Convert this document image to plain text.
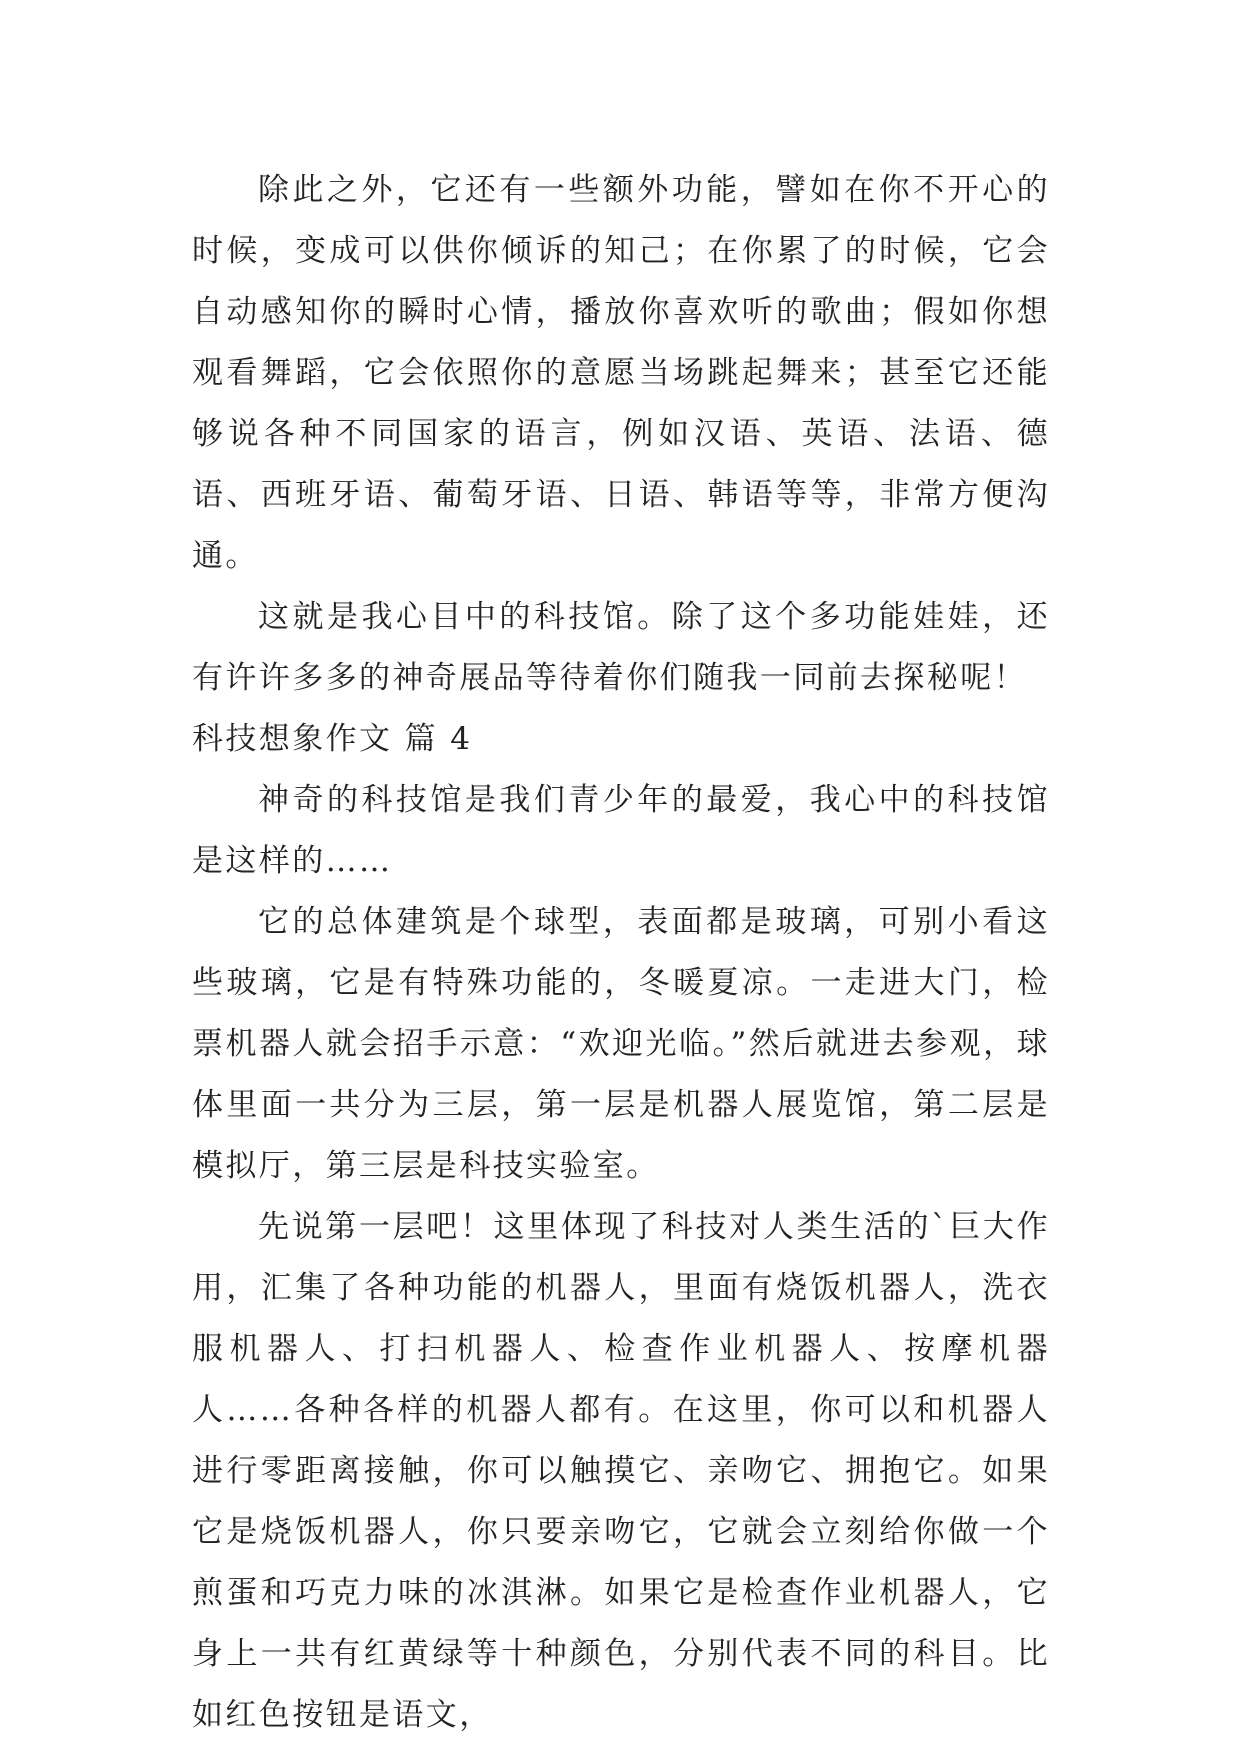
除此之外，它还有一些额外功能，譬如在你不开心的时候，变成可以供你倾诉的知己；在你累了的时候，它会自动感知你的瞬时心情，播放你喜欢听的歌曲；假如你想观看舞蹈，它会依照你的意愿当场跳起舞来；甚至它还能够说各种不同国家的语言，例如汉语、英语、法语、德语、西班牙语、葡萄牙语、日语、韩语等等，非常方便沟通。

这就是我心目中的科技馆。除了这个多功能娃娃，还有许许多多的神奇展品等待着你们随我一同前去探秘呢！

科技想象作文 篇 4

神奇的科技馆是我们青少年的最爱，我心中的科技馆是这样的……

它的总体建筑是个球型，表面都是玻璃，可别小看这些玻璃，它是有特殊功能的，冬暖夏凉。一走进大门，检票机器人就会招手示意：“欢迎光临。”然后就进去参观，球体里面一共分为三层，第一层是机器人展览馆，第二层是模拟厅，第三层是科技实验室。

先说第一层吧！这里体现了科技对人类生活的`巨大作用，汇集了各种功能的机器人，里面有烧饭机器人，洗衣服机器人、打扫机器人、检查作业机器人、按摩机器人……各种各样的机器人都有。在这里，你可以和机器人进行零距离接触，你可以触摸它、亲吻它、拥抱它。如果它是烧饭机器人，你只要亲吻它，它就会立刻给你做一个煎蛋和巧克力味的冰淇淋。如果它是检查作业机器人，它身上一共有红黄绿等十种颜色，分别代表不同的科目。比如红色按钮是语文，
